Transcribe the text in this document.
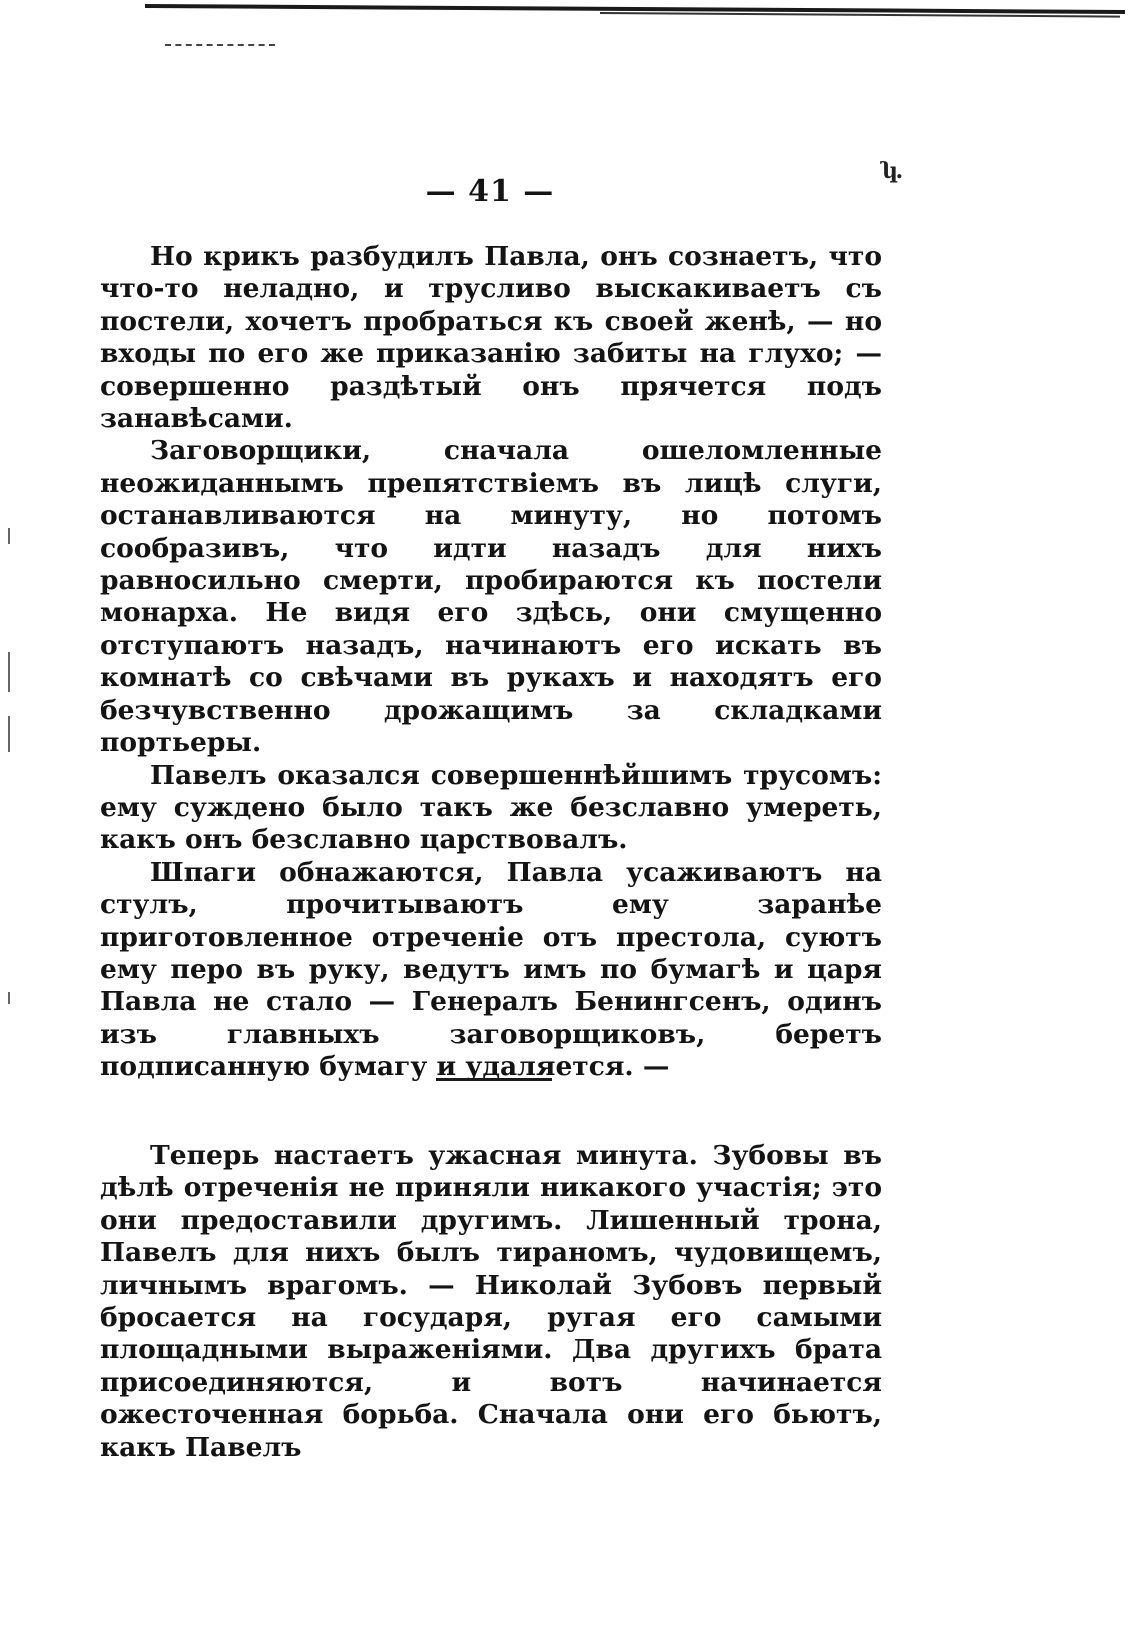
ʮ.
— 41 —

Но крикъ разбудилъ Павла, онъ сознаетъ, что что-то неладно, и трусливо выскакиваетъ съ постели, хочетъ пробраться къ своей женѣ, — но входы по его же приказанію забиты на глухо; — совершенно раздѣтый онъ прячется подъ занавѣсами.

Заговорщики, сначала ошеломленные неожиданнымъ препятствіемъ въ лицѣ слуги, останавливаются на минуту, но потомъ сообразивъ, что идти назадъ для нихъ равносильно смерти, пробираются къ постели монарха. Не видя его здѣсь, они смущенно отступаютъ назадъ, начинаютъ его искать въ комнатѣ со свѣчами въ рукахъ и находятъ его безчувственно дрожащимъ за складками портьеры.

Павелъ оказался совершеннѣйшимъ трусомъ: ему суждено было такъ же безславно умереть, какъ онъ безславно царствовалъ.

Шпаги обнажаются, Павла усаживаютъ на стулъ, прочитываютъ ему заранѣе приготовленное отреченіе отъ престола, суютъ ему перо въ руку, ведутъ имъ по бумагѣ и царя Павла не стало — Генералъ Бенингсенъ, одинъ изъ главныхъ заговорщиковъ, беретъ подписанную бумагу и удаляется. —

Теперь настаетъ ужасная минута. Зубовы въ дѣлѣ отреченія не приняли никакого участія; это они предоставили другимъ. Лишенный трона, Павелъ для нихъ былъ тираномъ, чудовищемъ, личнымъ врагомъ. — Николай Зубовъ первый бросается на государя, ругая его самыми площадными выраженіями. Два другихъ брата присоединяются, и вотъ начинается ожесточенная борьба. Сначала они его бьютъ, какъ Павелъ
